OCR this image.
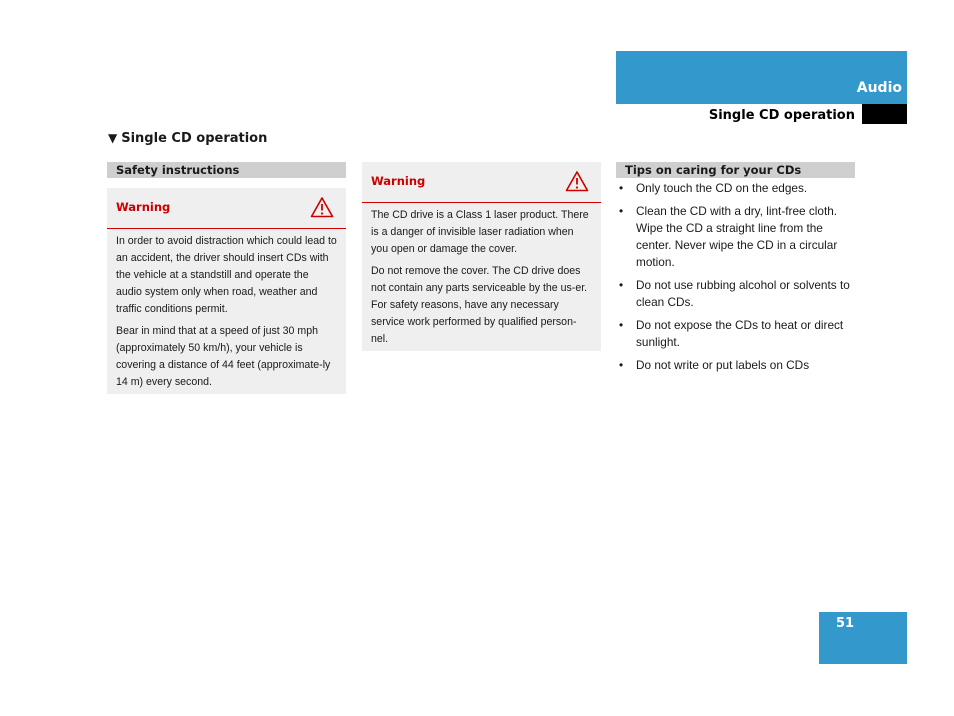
Audio
Single CD operation
▼ Single CD operation
Safety instructions
Warning

In order to avoid distraction which could lead to an accident, the driver should insert CDs with the vehicle at a standstill and operate the audio system only when road, weather and traffic conditions permit.

Bear in mind that at a speed of just 30 mph (approximately 50 km/h), your vehicle is covering a distance of 44 feet (approximate-ly 14 m) every second.

Warning

The CD drive is a Class 1 laser product. There is a danger of invisible laser radiation when you open or damage the cover.

Do not remove the cover. The CD drive does not contain any parts serviceable by the us-er. For safety reasons, have any necessary service work performed by qualified person-nel.

Tips on caring for your CDs
• Only touch the CD on the edges.
• Clean the CD with a dry, lint-free cloth. Wipe the CD a straight line from the center. Never wipe the CD in a circular motion.
• Do not use rubbing alcohol or solvents to clean CDs.
• Do not expose the CDs to heat or direct sunlight.
• Do not write or put labels on CDs
51
